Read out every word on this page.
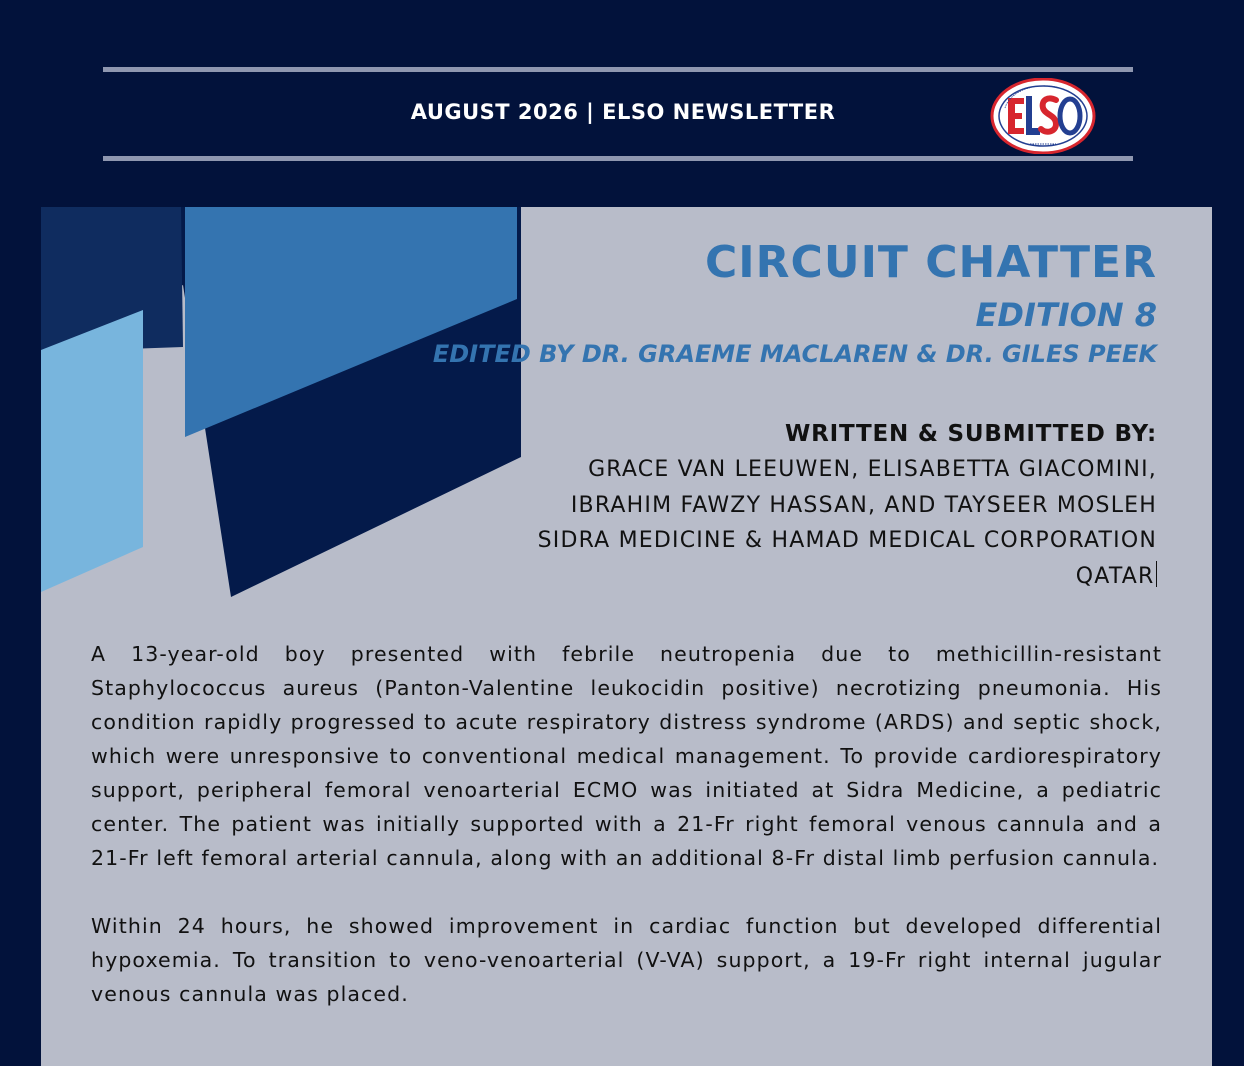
AUGUST 2026 | ELSO NEWSLETTER
CIRCUIT CHATTER
EDITION 8
EDITED BY DR. GRAEME MACLAREN & DR. GILES PEEK
WRITTEN & SUBMITTED BY:
GRACE VAN LEEUWEN, ELISABETTA GIACOMINI,
IBRAHIM FAWZY HASSAN, AND TAYSEER MOSLEH
SIDRA MEDICINE & HAMAD MEDICAL CORPORATION
QATAR

A 13-year-old boy presented with febrile neutropenia due to methicillin-resistant Staphylococcus aureus (Panton-Valentine leukocidin positive) necrotizing pneumonia. His condition rapidly progressed to acute respiratory distress syndrome (ARDS) and septic shock, which were unresponsive to conventional medical management. To provide cardiorespiratory support, peripheral femoral venoarterial ECMO was initiated at Sidra Medicine, a pediatric center. The patient was initially supported with a 21-Fr right femoral venous cannula and a 21-Fr left femoral arterial cannula, along with an additional 8-Fr distal limb perfusion cannula.

Within 24 hours, he showed improvement in cardiac function but developed differential hypoxemia. To transition to veno-venoarterial (V-VA) support, a 19-Fr right internal jugular venous cannula was placed.
